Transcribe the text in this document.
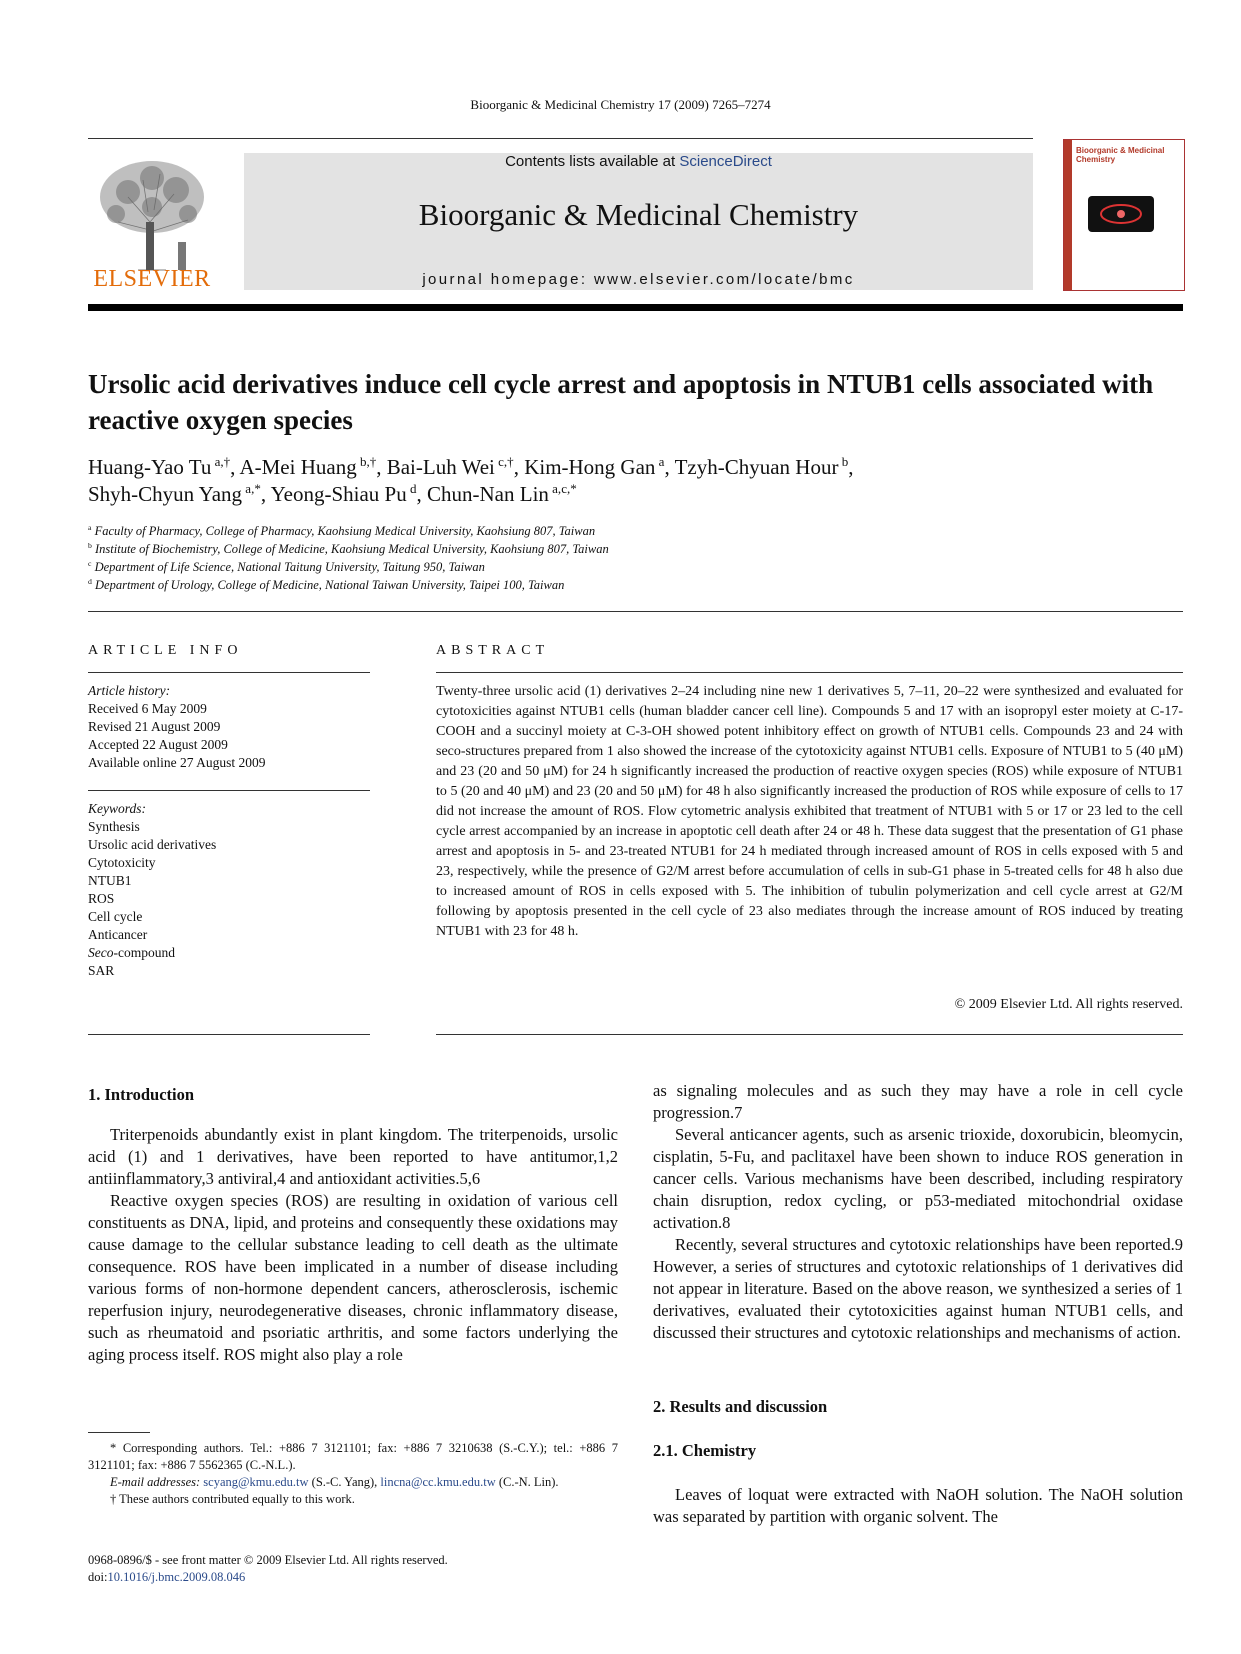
Bioorganic & Medicinal Chemistry 17 (2009) 7265–7274
ELSEVIER
Contents lists available at ScienceDirect
Bioorganic & Medicinal Chemistry
journal homepage: www.elsevier.com/locate/bmc
Bioorganic & Medicinal Chemistry
Ursolic acid derivatives induce cell cycle arrest and apoptosis in NTUB1 cells associated with reactive oxygen species
Huang-Yao Tu $^{a,\dagger}$, A-Mei Huang $^{b,\dagger}$, Bai-Luh Wei $^{c,\dagger}$, Kim-Hong Gan $^a$, Tzyh-Chyuan Hour $^b$,
Shyh-Chyun Yang $^{a,*}$, Yeong-Shiau Pu $^d$, Chun-Nan Lin $^{a,c,*}$
$^a$ Faculty of Pharmacy, College of Pharmacy, Kaohsiung Medical University, Kaohsiung 807, Taiwan
$^b$ Institute of Biochemistry, College of Medicine, Kaohsiung Medical University, Kaohsiung 807, Taiwan
$^c$ Department of Life Science, National Taitung University, Taitung 950, Taiwan
$^d$ Department of Urology, College of Medicine, National Taiwan University, Taipei 100, Taiwan
ARTICLE INFO
Article history:
Received 6 May 2009
Revised 21 August 2009
Accepted 22 August 2009
Available online 27 August 2009
Keywords:
Synthesis
Ursolic acid derivatives
Cytotoxicity
NTUB1
ROS
Cell cycle
Anticancer
Seco-compound
SAR
ABSTRACT
Twenty-three ursolic acid (1) derivatives 2–24 including nine new 1 derivatives 5, 7–11, 20–22 were synthesized and evaluated for cytotoxicities against NTUB1 cells (human bladder cancer cell line). Compounds 5 and 17 with an isopropyl ester moiety at C-17-COOH and a succinyl moiety at C-3-OH showed potent inhibitory effect on growth of NTUB1 cells. Compounds 23 and 24 with seco-structures prepared from 1 also showed the increase of the cytotoxicity against NTUB1 cells. Exposure of NTUB1 to 5 (40 μM) and 23 (20 and 50 μM) for 24 h significantly increased the production of reactive oxygen species (ROS) while exposure of NTUB1 to 5 (20 and 40 μM) and 23 (20 and 50 μM) for 48 h also significantly increased the production of ROS while exposure of cells to 17 did not increase the amount of ROS. Flow cytometric analysis exhibited that treatment of NTUB1 with 5 or 17 or 23 led to the cell cycle arrest accompanied by an increase in apoptotic cell death after 24 or 48 h. These data suggest that the presentation of G1 phase arrest and apoptosis in 5- and 23-treated NTUB1 for 24 h mediated through increased amount of ROS in cells exposed with 5 and 23, respectively, while the presence of G2/M arrest before accumulation of cells in sub-G1 phase in 5-treated cells for 48 h also due to increased amount of ROS in cells exposed with 5. The inhibition of tubulin polymerization and cell cycle arrest at G2/M following by apoptosis presented in the cell cycle of 23 also mediates through the increase amount of ROS induced by treating NTUB1 with 23 for 48 h.
© 2009 Elsevier Ltd. All rights reserved.
1. Introduction

Triterpenoids abundantly exist in plant kingdom. The triterpenoids, ursolic acid (1) and 1 derivatives, have been reported to have antitumor,1,2 antiinflammatory,3 antiviral,4 and antioxidant activities.5,6

Reactive oxygen species (ROS) are resulting in oxidation of various cell constituents as DNA, lipid, and proteins and consequently these oxidations may cause damage to the cellular substance leading to cell death as the ultimate consequence. ROS have been implicated in a number of disease including various forms of non-hormone dependent cancers, atherosclerosis, ischemic reperfusion injury, neurodegenerative diseases, chronic inflammatory disease, such as rheumatoid and psoriatic arthritis, and some factors underlying the aging process itself. ROS might also play a role

as signaling molecules and as such they may have a role in cell cycle progression.7

Several anticancer agents, such as arsenic trioxide, doxorubicin, bleomycin, cisplatin, 5-Fu, and paclitaxel have been shown to induce ROS generation in cancer cells. Various mechanisms have been described, including respiratory chain disruption, redox cycling, or p53-mediated mitochondrial oxidase activation.8

Recently, several structures and cytotoxic relationships have been reported.9 However, a series of structures and cytotoxic relationships of 1 derivatives did not appear in literature. Based on the above reason, we synthesized a series of 1 derivatives, evaluated their cytotoxicities against human NTUB1 cells, and discussed their structures and cytotoxic relationships and mechanisms of action.

2. Results and discussion
2.1. Chemistry

Leaves of loquat were extracted with NaOH solution. The NaOH solution was separated by partition with organic solvent. The

* Corresponding authors. Tel.: +886 7 3121101; fax: +886 7 3210638 (S.-C.Y.); tel.: +886 7 3121101; fax: +886 7 5562365 (C.-N.L.).
E-mail addresses: scyang@kmu.edu.tw (S.-C. Yang), lincna@cc.kmu.edu.tw (C.-N. Lin).
† These authors contributed equally to this work.
0968-0896/$ - see front matter © 2009 Elsevier Ltd. All rights reserved.
doi:10.1016/j.bmc.2009.08.046
